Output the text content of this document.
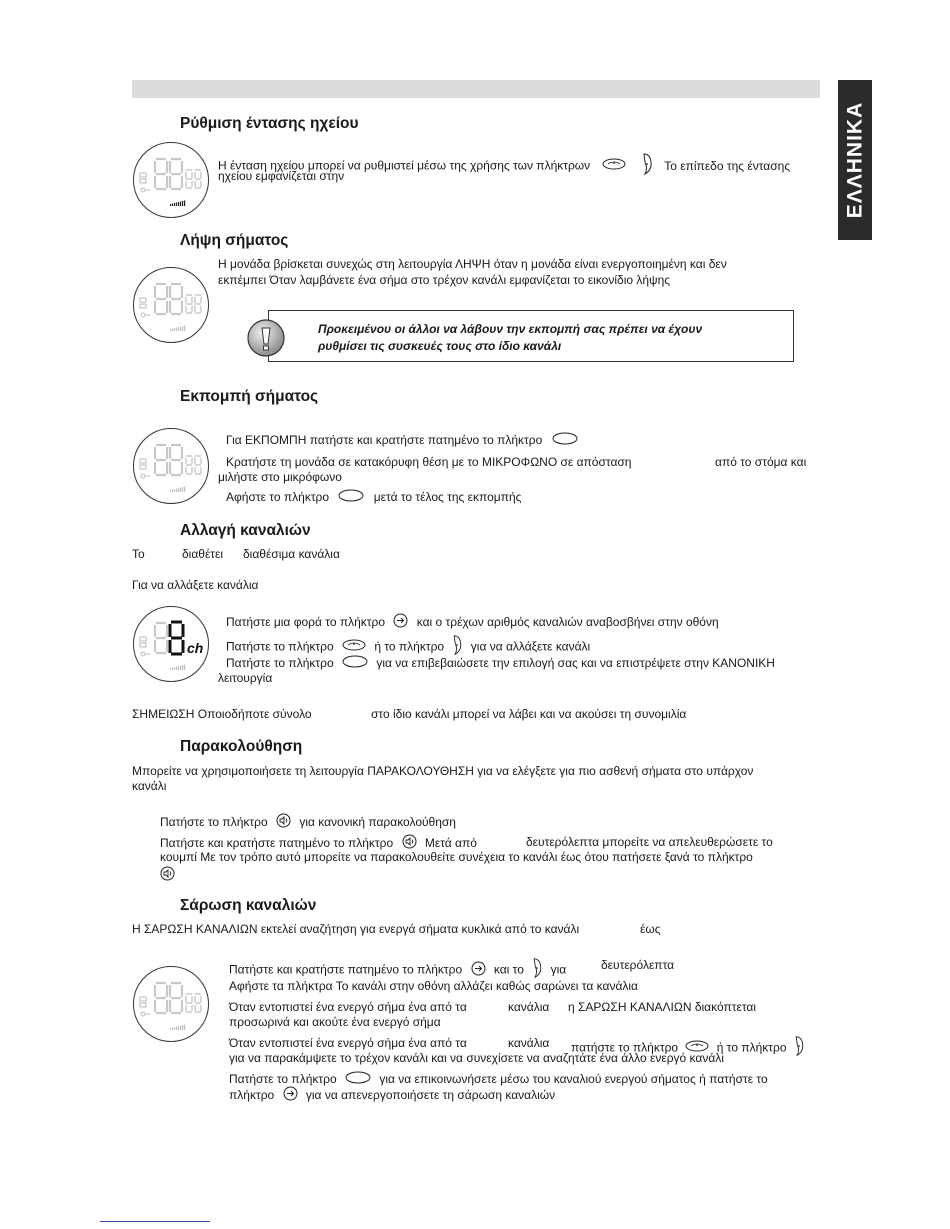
ΕΛΛΗΝΙΚΑ
Ρύθμιση έντασης ηχείου
Η ένταση ηχείου μπορεί να ρυθμιστεί μέσω της χρήσης των πλήκτρων	Το επίπεδο της έντασης
ηχείου εμφανίζεται στην
Λήψη σήματος
Η μονάδα βρίσκεται συνεχώς στη λειτουργία ΛΗΨΗ όταν η μονάδα είναι ενεργοποιημένη και δεν
εκπέμπει Όταν λαμβάνετε ένα σήμα στο τρέχον κανάλι εμφανίζεται το εικονίδιο λήψης
Προκειμένου οι άλλοι να λάβουν την εκπομπή σας πρέπει να έχουν
ρυθμίσει τις συσκευές τους στο ίδιο κανάλι
Εκπομπή σήματος
Για ΕΚΠΟΜΠΗ πατήστε και κρατήστε πατημένο το πλήκτρο
Κρατήστε τη μονάδα σε κατακόρυφη θέση με το ΜΙΚΡΟΦΩΝΟ σε απόσταση	από το στόμα και
μιλήστε στο μικρόφωνο
Αφήστε το πλήκτρο	μετά το τέλος της εκπομπής
Αλλαγή καναλιών
Το	διαθέτει διαθέσιμα κανάλια
Για να αλλάξετε κανάλια
ch
Πατήστε μια φορά το πλήκτρο	και ο τρέχων αριθμός καναλιών αναβοσβήνει στην οθόνη
Πατήστε το πλήκτρο	ή το πλήκτρο για να αλλάξετε κανάλι
Πατήστε το πλήκτρο	για να επιβεβαιώσετε την επιλογή σας και να επιστρέψετε στην ΚΑΝΟΝΙΚΗ
λειτουργία
ΣΗΜΕΙΩΣΗ Οποιοδήποτε σύνολο	στο ίδιο κανάλι μπορεί να λάβει και να ακούσει τη συνομιλία
Παρακολούθηση
Μπορείτε να χρησιμοποιήσετε τη λειτουργία ΠΑΡΑΚΟΛΟΥΘΗΣΗ για να ελέγξετε για πιο ασθενή σήματα στο υπάρχον
κανάλι
Πατήστε το πλήκτρο	για κανονική παρακολούθηση
Πατήστε και κρατήστε πατημένο το πλήκτρο	Μετά από	δευτερόλεπτα μπορείτε να απελευθερώσετε το
κουμπί Με τον τρόπο αυτό μπορείτε να παρακολουθείτε συνέχεια το κανάλι έως ότου πατήσετε ξανά το πλήκτρο
Σάρωση καναλιών
Η ΣΑΡΩΣΗ ΚΑΝΑΛΙΩΝ εκτελεί αναζήτηση για ενεργά σήματα κυκλικά από το κανάλι	έως
Πατήστε και κρατήστε πατημένο το πλήκτρο	και το για	δευτερόλεπτα
Αφήστε τα πλήκτρα Το κανάλι στην οθόνη αλλάζει καθώς σαρώνει τα κανάλια
Όταν εντοπιστεί ένα ενεργό σήμα ένα από τα	κανάλια η ΣΑΡΩΣΗ ΚΑΝΑΛΙΩΝ διακόπτεται
προσωρινά και ακούτε ένα ενεργό σήμα
Όταν εντοπιστεί ένα ενεργό σήμα ένα από τα	κανάλια πατήστε το πλήκτρο	ή το πλήκτρο
για να παρακάμψετε το τρέχον κανάλι και να συνεχίσετε να αναζητάτε ένα άλλο ενεργό κανάλι
Πατήστε το πλήκτρο	για να επικοινωνήσετε μέσω του καναλιού ενεργού σήματος ή πατήστε το
πλήκτρο	για να απενεργοποιήσετε τη σάρωση καναλιών
